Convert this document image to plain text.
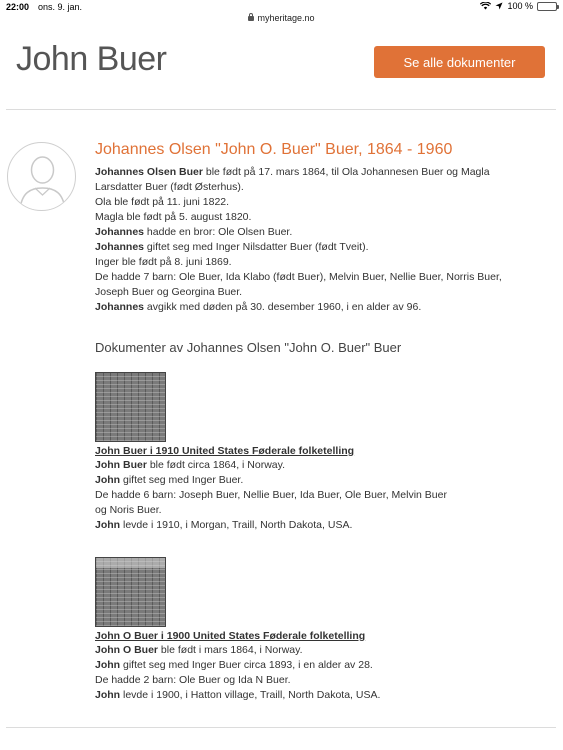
22:00 ons. 9. jan.	100 %
myheritage.no
John Buer	Se alle dokumenter
Johannes Olsen "John O. Buer" Buer, 1864 - 1960
Johannes Olsen Buer ble født på 17. mars 1864, til Ola Johannesen Buer og Magla
Larsdatter Buer (født Østerhus).
Ola ble født på 11. juni 1822.
Magla ble født på 5. august 1820.
Johannes hadde en bror: Ole Olsen Buer.
Johannes giftet seg med Inger Nilsdatter Buer (født Tveit).
Inger ble født på 8. juni 1869.
De hadde 7 barn: Ole Buer, Ida Klabo (født Buer), Melvin Buer, Nellie Buer, Norris Buer,
Joseph Buer og Georgina Buer.
Johannes avgikk med døden på 30. desember 1960, i en alder av 96.
Dokumenter av Johannes Olsen "John O. Buer" Buer
John Buer i 1910 United States Føderale folketelling
John Buer ble født circa 1864, i Norway.
John giftet seg med Inger Buer.
De hadde 6 barn: Joseph Buer, Nellie Buer, Ida Buer, Ole Buer, Melvin Buer
og Noris Buer.
John levde i 1910, i Morgan, Traill, North Dakota, USA.
John O Buer i 1900 United States Føderale folketelling
John O Buer ble født i mars 1864, i Norway.
John giftet seg med Inger Buer circa 1893, i en alder av 28.
De hadde 2 barn: Ole Buer og Ida N Buer.
John levde i 1900, i Hatton village, Traill, North Dakota, USA.
